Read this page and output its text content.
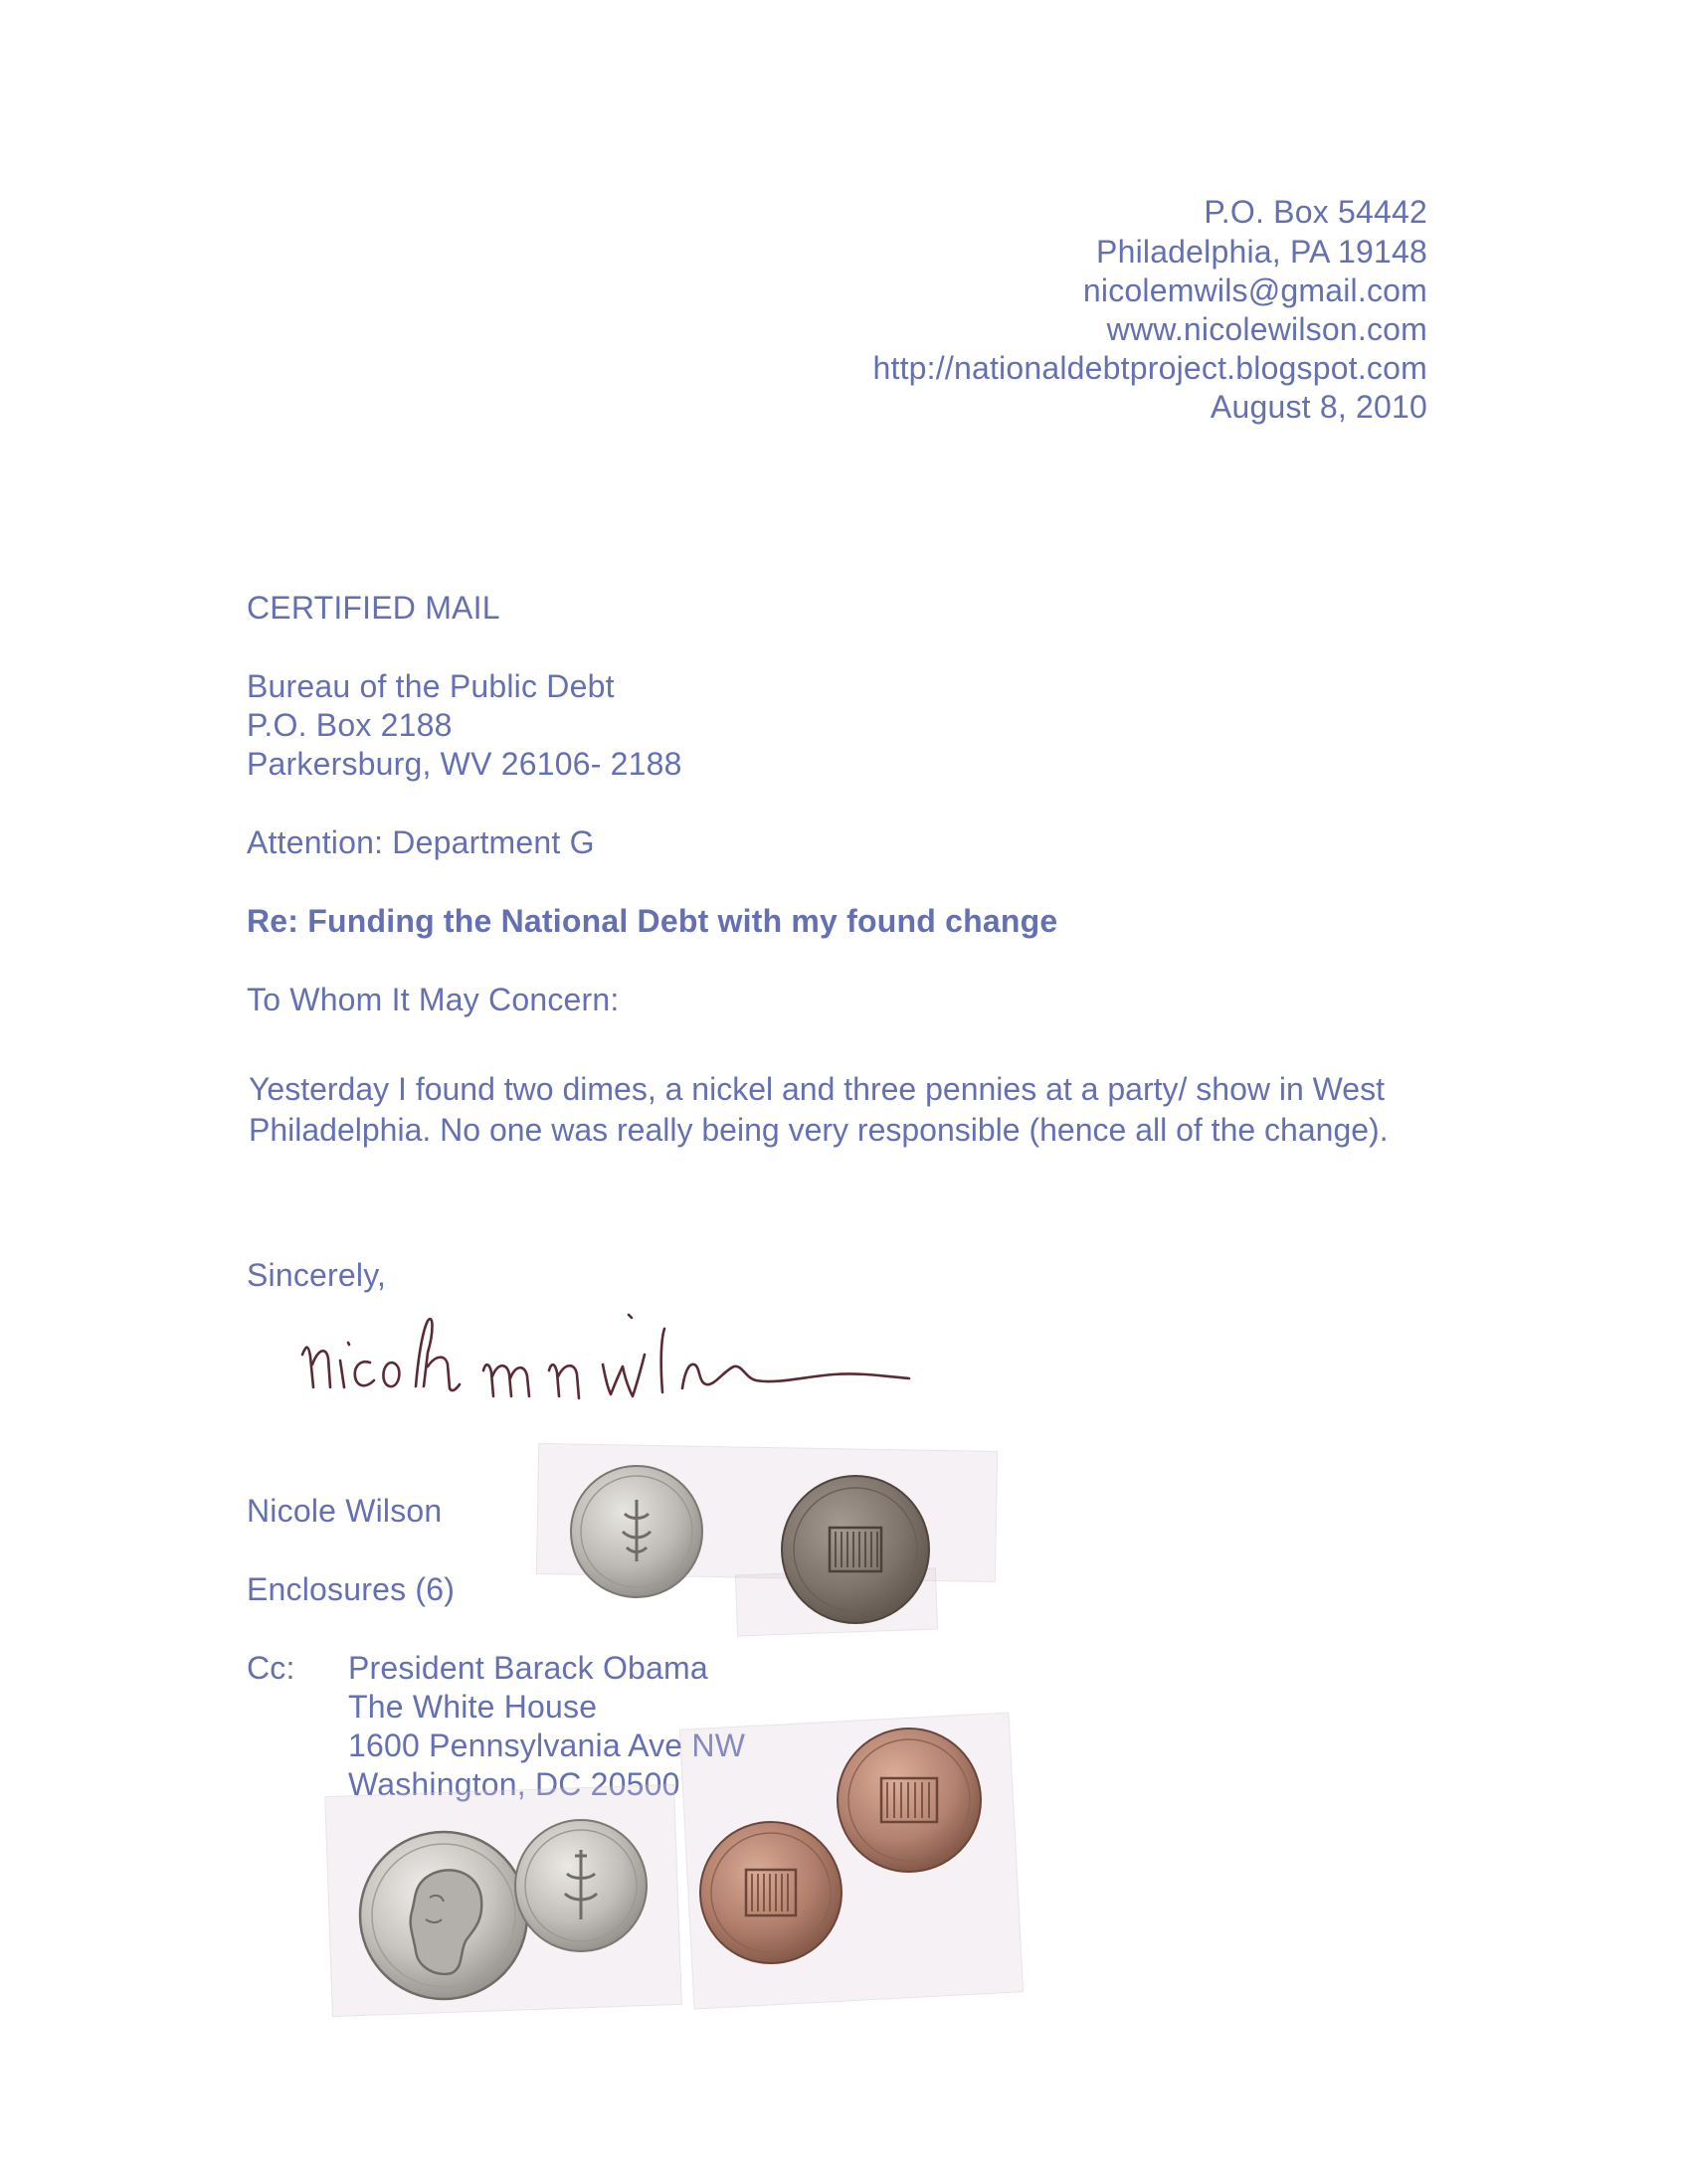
P.O. Box 54442
Philadelphia, PA 19148
nicolemwils@gmail.com
www.nicolewilson.com
http://nationaldebtproject.blogspot.com
August 8, 2010
CERTIFIED MAIL
Bureau of the Public Debt
P.O. Box 2188
Parkersburg, WV 26106- 2188
Attention: Department G
Re: Funding the National Debt with my found change
To Whom It May Concern:
Yesterday I found two dimes, a nickel and three pennies at a party/ show in West Philadelphia. No one was really being very responsible (hence all of the change).
Sincerely,
Nicole Wilson
Enclosures (6)
Cc: President Barack Obama
The White House
1600 Pennsylvania Ave NW
Washington, DC 20500
